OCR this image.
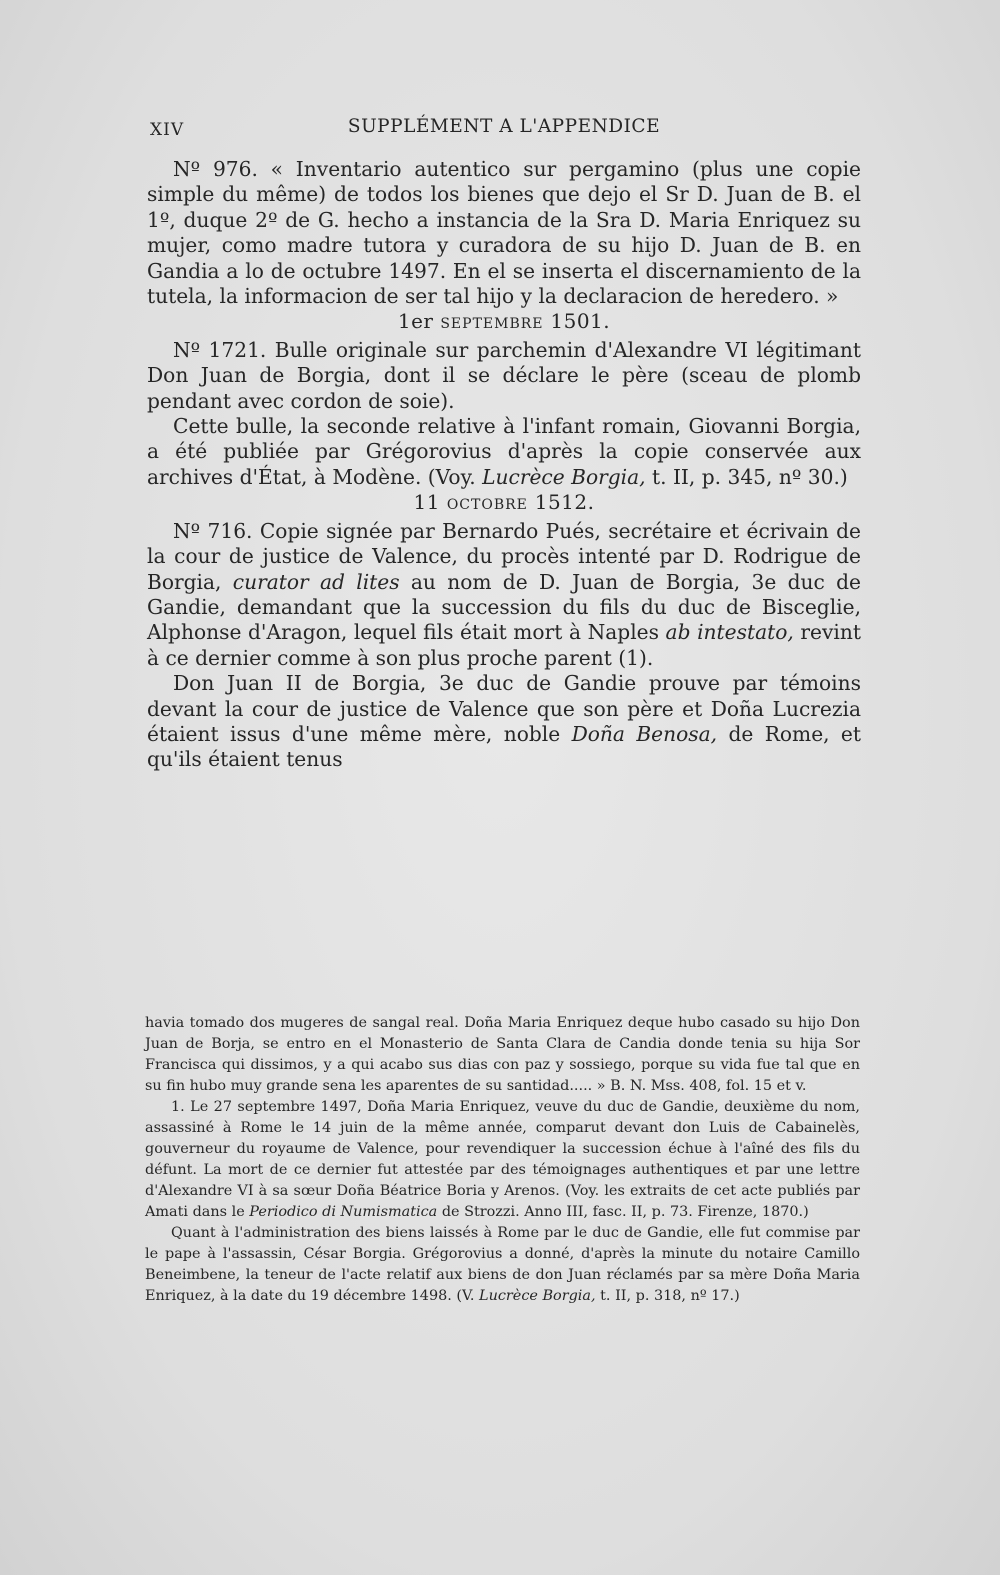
XIV	SUPPLÉMENT A L'APPENDICE

Nº 976. « Inventario autentico sur pergamino (plus une copie simple du même) de todos los bienes que dejo el Sr D. Juan de B. el 1º, duque 2º de G. hecho a instancia de la Sra D. Maria Enriquez su mujer, como madre tutora y curadora de su hijo D. Juan de B. en Gandia a lo de octubre 1497. En el se inserta el discernamiento de la tutela, la informacion de ser tal hijo y la declaracion de heredero. »

1er SEPTEMBRE 1501.

Nº 1721. Bulle originale sur parchemin d'Alexandre VI légitimant Don Juan de Borgia, dont il se déclare le père (sceau de plomb pendant avec cordon de soie).

Cette bulle, la seconde relative à l'infant romain, Giovanni Borgia, a été publiée par Grégorovius d'après la copie conservée aux archives d'État, à Modène. (Voy. Lucrèce Borgia, t. II, p. 345, nº 30.)

11 OCTOBRE 1512.

Nº 716. Copie signée par Bernardo Pués, secrétaire et écrivain de la cour de justice de Valence, du procès intenté par D. Rodrigue de Borgia, curator ad lites au nom de D. Juan de Borgia, 3e duc de Gandie, demandant que la succession du fils du duc de Bisceglie, Alphonse d'Aragon, lequel fils était mort à Naples ab intestato, revint à ce dernier comme à son plus proche parent (1).

Don Juan II de Borgia, 3e duc de Gandie prouve par témoins devant la cour de justice de Valence que son père et Doña Lucrezia étaient issus d'une même mère, noble Doña Benosa, de Rome, et qu'ils étaient tenus

havia tomado dos mugeres de sangal real. Doña Maria Enriquez deque hubo casado su hijo Don Juan de Borja, se entro en el Monasterio de Santa Clara de Candia donde tenia su hija Sor Francisca qui dissimos, y a qui acabo sus dias con paz y sossiego, porque su vida fue tal que en su fin hubo muy grande sena les aparentes de su santidad..... » B. N. Mss. 408, fol. 15 et v.

1. Le 27 septembre 1497, Doña Maria Enriquez, veuve du duc de Gandie, deuxième du nom, assassiné à Rome le 14 juin de la même année, comparut devant don Luis de Cabainelès, gouverneur du royaume de Valence, pour revendiquer la succession échue à l'aîné des fils du défunt. La mort de ce dernier fut attestée par des témoignages authentiques et par une lettre d'Alexandre VI à sa sœur Doña Béatrice Boria y Arenos. (Voy. les extraits de cet acte publiés par Amati dans le Periodico di Numismatica de Strozzi. Anno III, fasc. II, p. 73. Firenze, 1870.)

Quant à l'administration des biens laissés à Rome par le duc de Gandie, elle fut commise par le pape à l'assassin, César Borgia. Grégorovius a donné, d'après la minute du notaire Camillo Beneimbene, la teneur de l'acte relatif aux biens de don Juan réclamés par sa mère Doña Maria Enriquez, à la date du 19 décembre 1498. (V. Lucrèce Borgia, t. II, p. 318, nº 17.)
